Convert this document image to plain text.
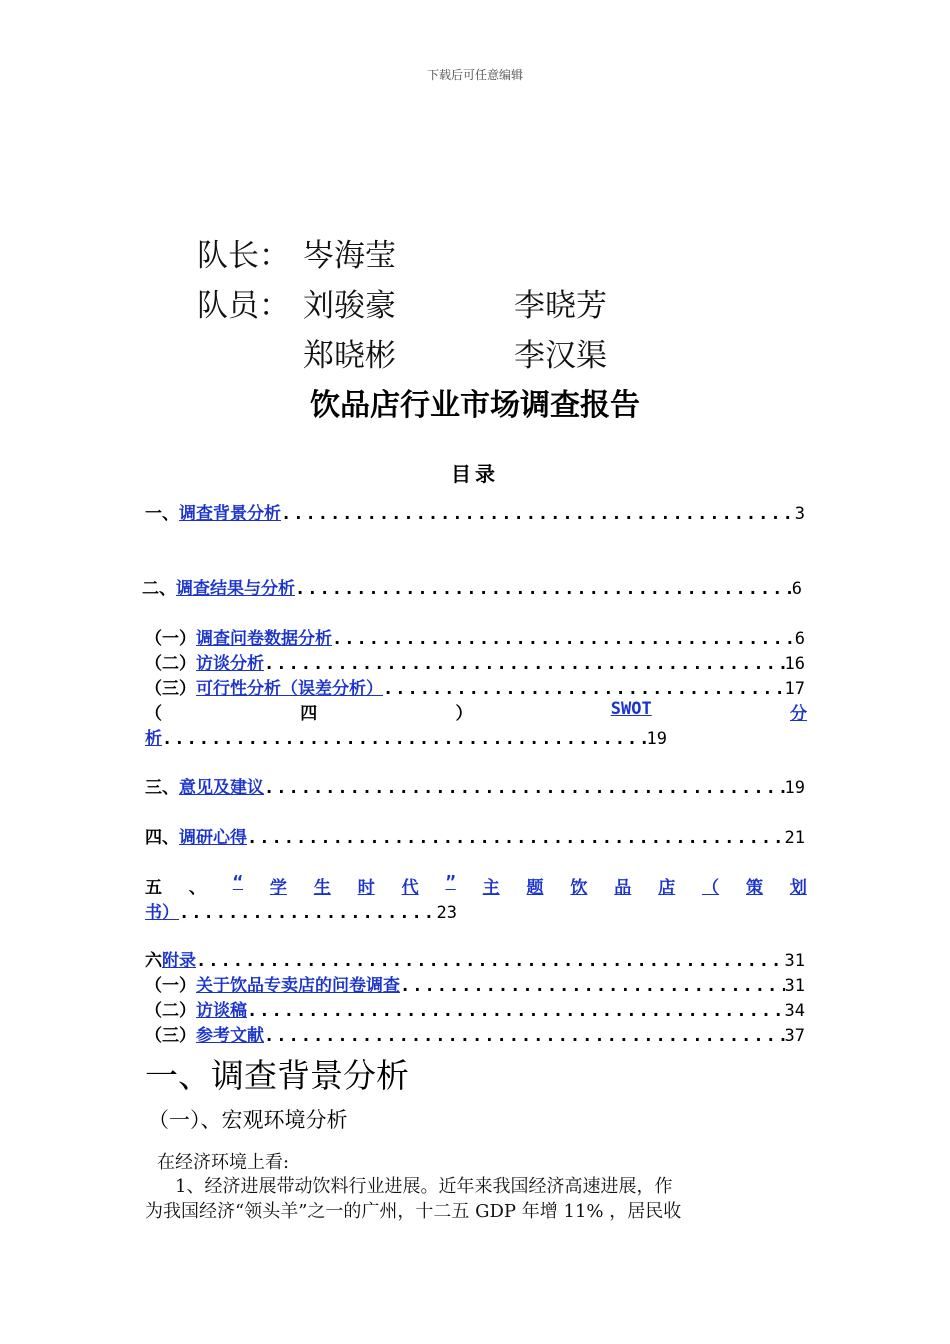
下载后可任意编辑
队长： 岑海莹
队员： 刘骏豪	李晓芳
郑晓彬	李汉渠
饮品店行业市场调查报告
目录
一、 调查背景分析 .....	3
二、 调查结果与分析 .....	6
（一） 调查问卷数据分析 .....	6
（二） 访谈分析 .....	16
（三） 可行性分析（误差分析） .....	17
（	四	）	SWOT	分
析 .....	19
三、 意见及建议 .....	19
四、 调研心得 .....	21
五 、 “ 学 生 时 代 ” 主 题 饮 品 店 （ 策 划
书） .....	23
六 附录 .....	31
（一） 关于饮品专卖店的问卷调查 .....	31
（二） 访谈稿 .....	34
（三） 参考文献 .....	37
一、调查背景分析
（一）、宏观环境分析
在经济环境上看:
1、经济进展带动饮料行业进展。近年来我国经济高速进展，作
为我国经济“领头羊”之一的广州，十二五 GDP 年增 11% ，居民收
